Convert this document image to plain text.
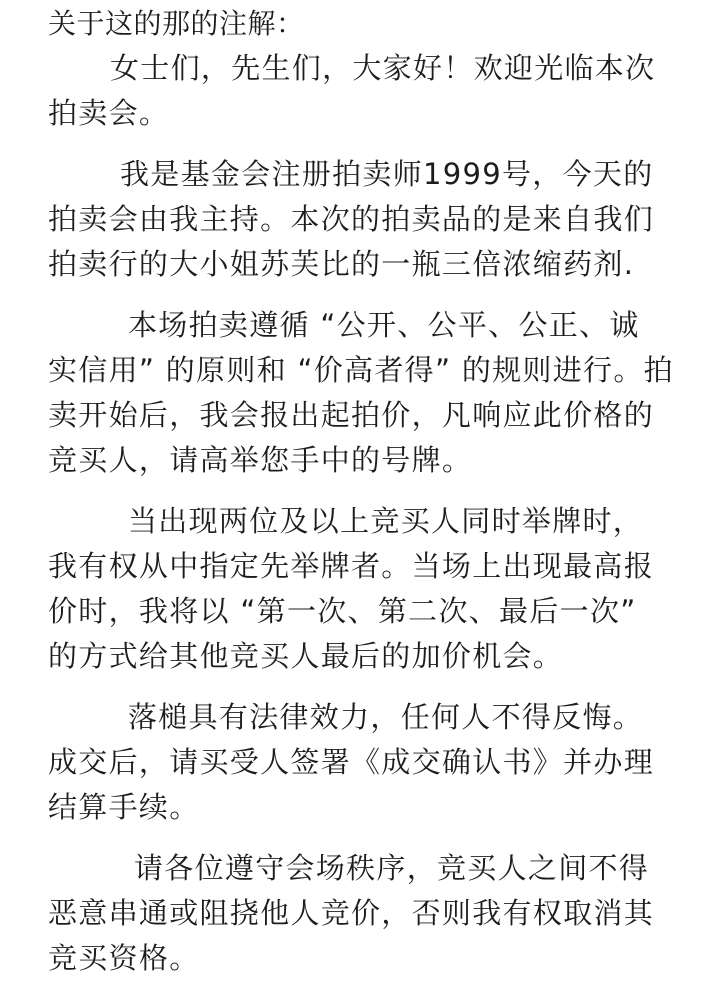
关于这的那的注解：

女士们，先生们，大家好！欢迎光临本次
拍卖会。
我是基金会注册拍卖师1999号，今天的
拍卖会由我主持。本次的拍卖品的是来自我们
拍卖行的大小姐苏芙比的一瓶三倍浓缩药剂.
本场拍卖遵循 “公开、公平、公正、诚
实信用” 的原则和 “价高者得” 的规则进行。拍
卖开始后，我会报出起拍价，凡响应此价格的
竞买人，请高举您手中的号牌。
当出现两位及以上竞买人同时举牌时，
我有权从中指定先举牌者。当场上出现最高报
价时，我将以 “第一次、第二次、最后一次”
的方式给其他竞买人最后的加价机会。
落槌具有法律效力，任何人不得反悔。
成交后，请买受人签署《成交确认书》并办理
结算手续。
请各位遵守会场秩序，竞买人之间不得
恶意串通或阻挠他人竞价，否则我有权取消其
竞买资格。
